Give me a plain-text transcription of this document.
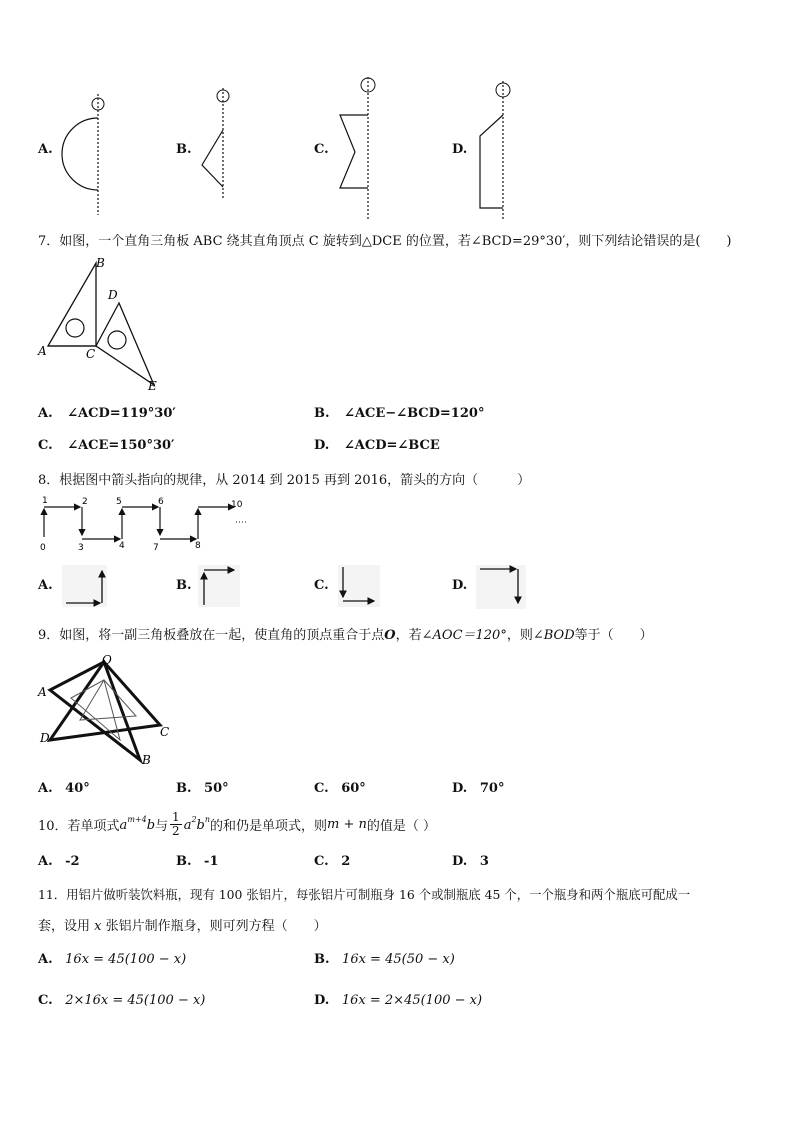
A.	B.	C.	D.
7．如图，一个直角三角板 ABC 绕其直角顶点 C 旋转到△DCE 的位置，若∠BCD=29°30′，则下列结论错误的是(　　)
B
D
A	C
E
A. ∠ACD=119°30′	B. ∠ACE−∠BCD=120°
C. ∠ACE=150°30′	D. ∠ACD=∠BCE
8．根据图中箭头指向的规律，从 2014 到 2015 再到 2016，箭头的方向（　　　）
0
1	2
3	4
5	6
7	8
10
A.	B.	C.	D.
9．如图，将一副三角板叠放在一起，使直角的顶点重合于点O，若∠AOC＝120°，则∠BOD等于（　　）
O
A
D	C
B
A. 40°	B. 50°	C. 60°	D. 70°
10．若单项式 $a^{m+4}b$ 与 $\frac{1}{2} a^2b^n$ 的和仍是单项式，则 m + n 的值是（ ）
A. -2	B. -1	C. 2	D. 3
11．用铝片做听装饮料瓶，现有 100 张铝片，每张铝片可制瓶身 16 个或制瓶底 45 个，一个瓶身和两个瓶底可配成一
套，设用 x 张铝片制作瓶身，则可列方程（　　）
A. 16x = 45(100 − x)	B. 16x = 45(50 − x)
C. 2×16x = 45(100 − x)	D. 16x = 2×45(100 − x)
